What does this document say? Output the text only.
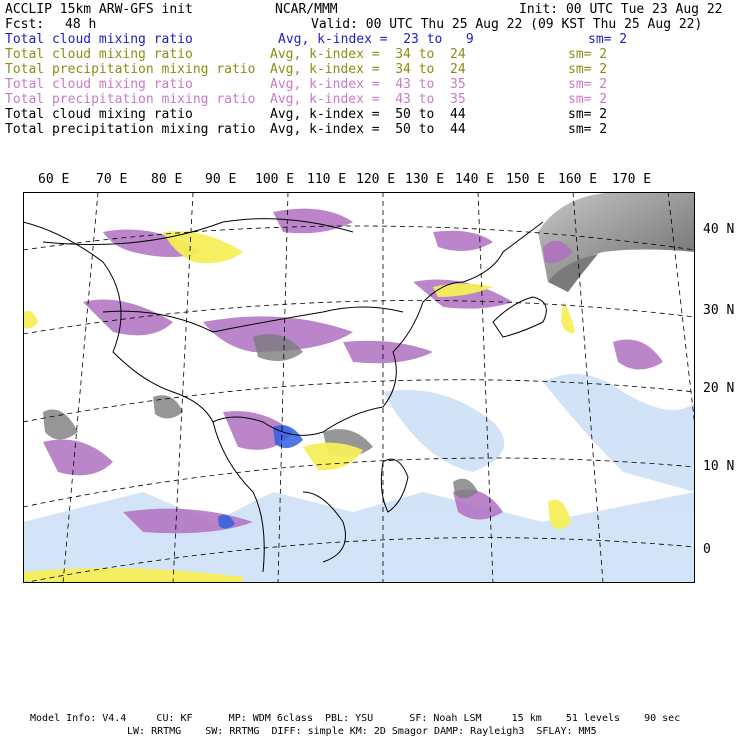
ACCLIP 15km ARW-GFS init	NCAR/MMM	Init: 00 UTC Tue 23 Aug 22
Fcst: 48 h	Valid: 00 UTC Thu 25 Aug 22 (09 KST Thu 25 Aug 22)
Total cloud mixing ratio	Avg, k-index =  23 to   9	sm= 2
Total cloud mixing ratio	Avg, k-index =  34 to  24	sm= 2
Total precipitation mixing ratio Avg, k-index =  34 to  24	sm= 2
Total cloud mixing ratio	Avg, k-index =  43 to  35	sm= 2
Total precipitation mixing ratio Avg, k-index =  43 to  35	sm= 2
Total cloud mixing ratio	Avg, k-index =  50 to  44	sm= 2
Total precipitation mixing ratio Avg, k-index =  50 to  44	sm= 2
60 E 70 E 80 E 90 E 100 E 110 E 120 E 130 E 140 E 150 E 160 E 170 E
40 N
30 N
20 N
10 N
0
Model Info: V4.4     CU: KF      MP: WDM 6class  PBL: YSU      SF: Noah LSM     15 km    51 levels    90 sec
LW: RRTMG    SW: RRTMG  DIFF: simple KM: 2D Smagor DAMP: Rayleigh3  SFLAY: MM5
